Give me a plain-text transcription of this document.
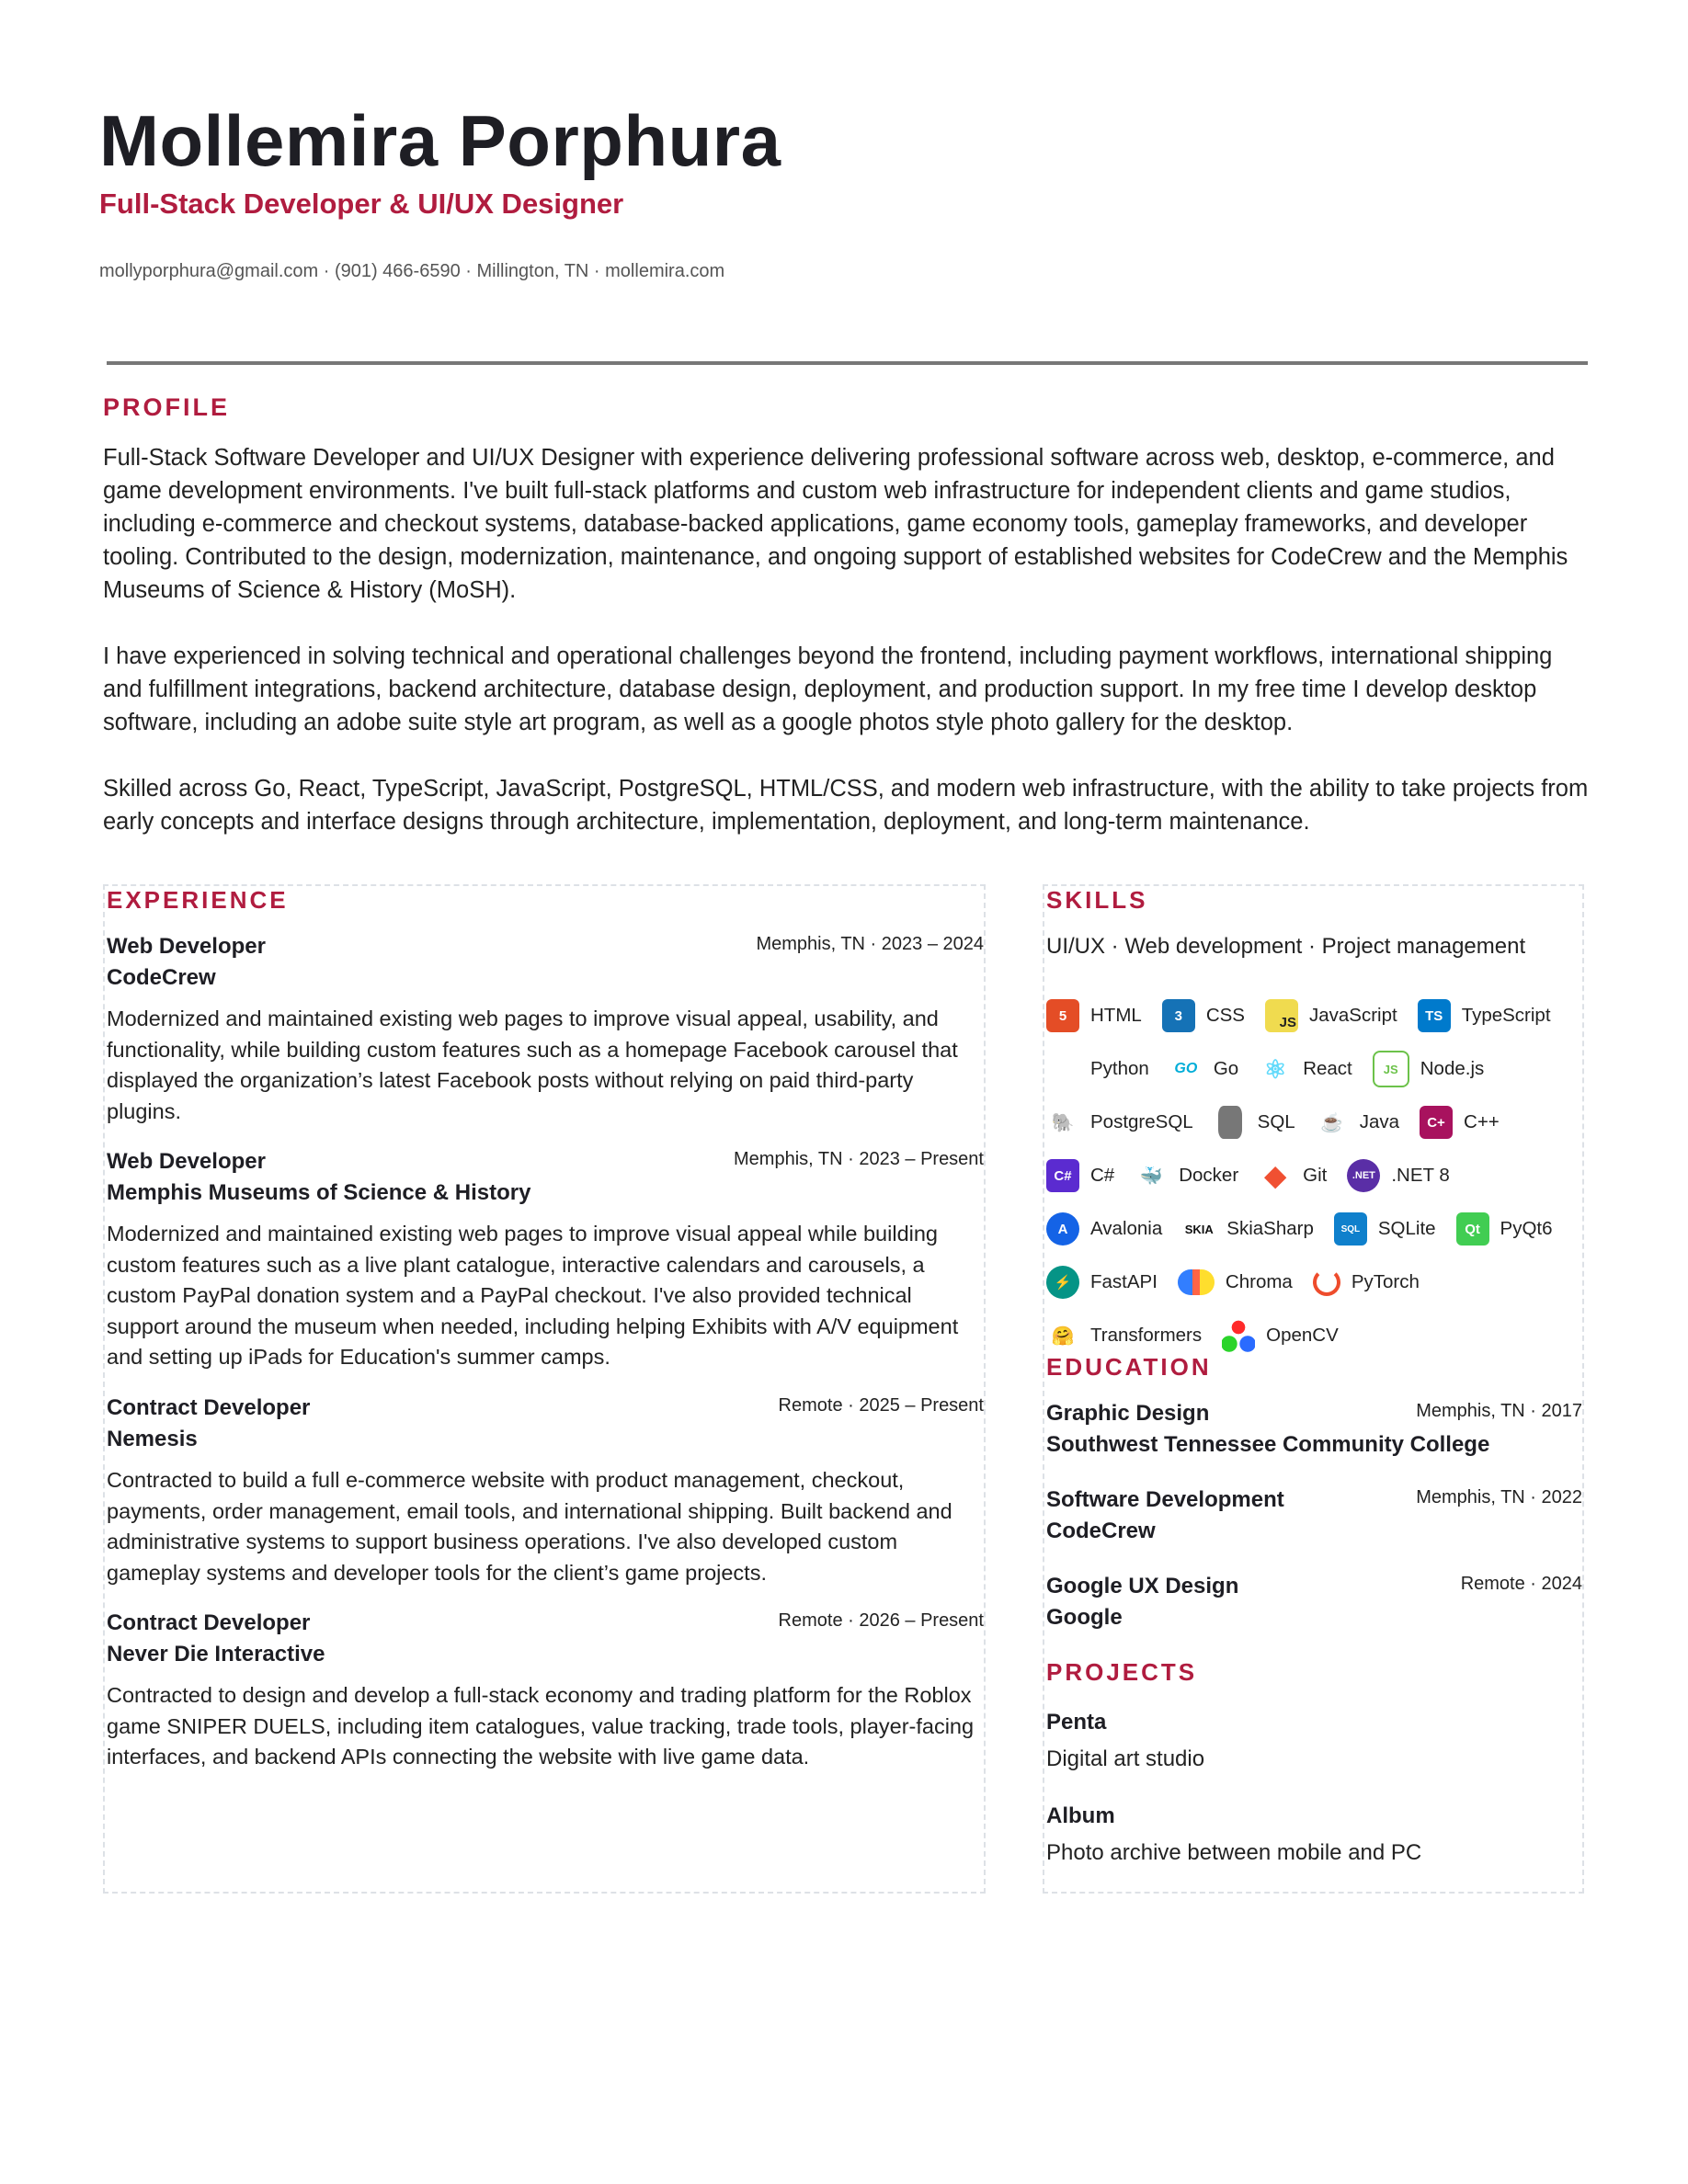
Mollemira Porphura
Full-Stack Developer & UI/UX Designer
mollyporphura@gmail.com · (901) 466-6590 · Millington, TN · mollemira.com
PROFILE

Full-Stack Software Developer and UI/UX Designer with experience delivering professional software across web, desktop, e-commerce, and game development environments. I've built full-stack platforms and custom web infrastructure for independent clients and game studios, including e-commerce and checkout systems, database-backed applications, game economy tools, gameplay frameworks, and developer tooling. Contributed to the design, modernization, maintenance, and ongoing support of established websites for CodeCrew and the Memphis Museums of Science & History (MoSH).

I have experienced in solving technical and operational challenges beyond the frontend, including payment workflows, international shipping and fulfillment integrations, backend architecture, database design, deployment, and production support. In my free time I develop desktop software, including an adobe suite style art program, as well as a google photos style photo gallery for the desktop.

Skilled across Go, React, TypeScript, JavaScript, PostgreSQL, HTML/CSS, and modern web infrastructure, with the ability to take projects from early concepts and interface designs through architecture, implementation, deployment, and long-term maintenance.

EXPERIENCE
Web Developer	Memphis, TN · 2023 – 2024
CodeCrew
Modernized and maintained existing web pages to improve visual appeal, usability, and functionality, while building custom features such as a homepage Facebook carousel that displayed the organization’s latest Facebook posts without relying on paid third-party plugins.
Web Developer	Memphis, TN · 2023 – Present
Memphis Museums of Science & History
Modernized and maintained existing web pages to improve visual appeal while building custom features such as a live plant catalogue, interactive calendars and carousels, a custom PayPal donation system and a PayPal checkout. I've also provided technical support around the museum when needed, including helping Exhibits with A/V equipment and setting up iPads for Education's summer camps.
Contract Developer	Remote · 2025 – Present
Nemesis
Contracted to build a full e-commerce website with product management, checkout, payments, order management, email tools, and international shipping. Built backend and administrative systems to support business operations. I've also developed custom gameplay systems and developer tools for the client’s game projects.
Contract Developer	Remote · 2026 – Present
Never Die Interactive
Contracted to design and develop a full-stack economy and trading platform for the Roblox game SNIPER DUELS, including item catalogues, value tracking, trade tools, player-facing interfaces, and backend APIs connecting the website with live game data.
SKILLS
UI/UX · Web development · Project management
5	HTML	3	CSS	JS JavaScript	TS TypeScript
Python	GO Go ⚛ React	JS	Node.js
🐘 PostgreSQL	SQL ☕ Java	C+ C++
C# C# 🐳 Docker ◆ Git	.NET .NET 8
A	Avalonia SKIA SkiaSharp	SQL SQLite	Qt	PyQt6
⚡	FastAPI	Chroma	PyTorch
🤗 Transformers	OpenCV
EDUCATION
Graphic Design	Memphis, TN · 2017
Southwest Tennessee Community College
Software Development	Memphis, TN · 2022
CodeCrew
Google UX Design	Remote · 2024
Google
PROJECTS
Penta
Digital art studio
Album
Photo archive between mobile and PC
